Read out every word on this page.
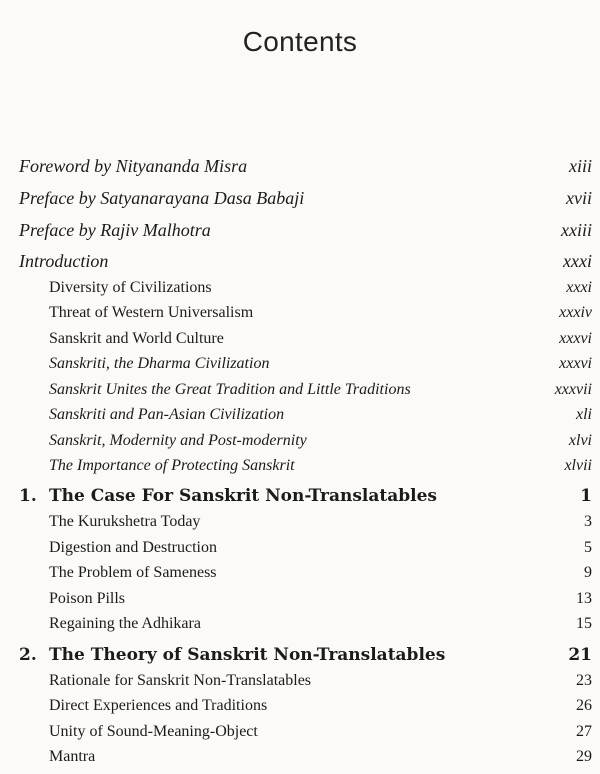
Contents
Foreword by Nityananda Misra	xiii
Preface by Satyanarayana Dasa Babaji	xvii
Preface by Rajiv Malhotra	xxiii
Introduction	xxxi
Diversity of Civilizations	xxxi
Threat of Western Universalism	xxxiv
Sanskrit and World Culture	xxxvi
Sanskriti, the Dharma Civilization	xxxvi
Sanskrit Unites the Great Tradition and Little Traditions	xxxvii
Sanskriti and Pan-Asian Civilization	xli
Sanskrit, Modernity and Post-modernity	xlvi
The Importance of Protecting Sanskrit	xlvii
1. The Case For Sanskrit Non-Translatables	1
The Kurukshetra Today	3
Digestion and Destruction	5
The Problem of Sameness	9
Poison Pills	13
Regaining the Adhikara	15
2. The Theory of Sanskrit Non-Translatables	21
Rationale for Sanskrit Non-Translatables	23
Direct Experiences and Traditions	26
Unity of Sound-Meaning-Object	27
Mantra	29
